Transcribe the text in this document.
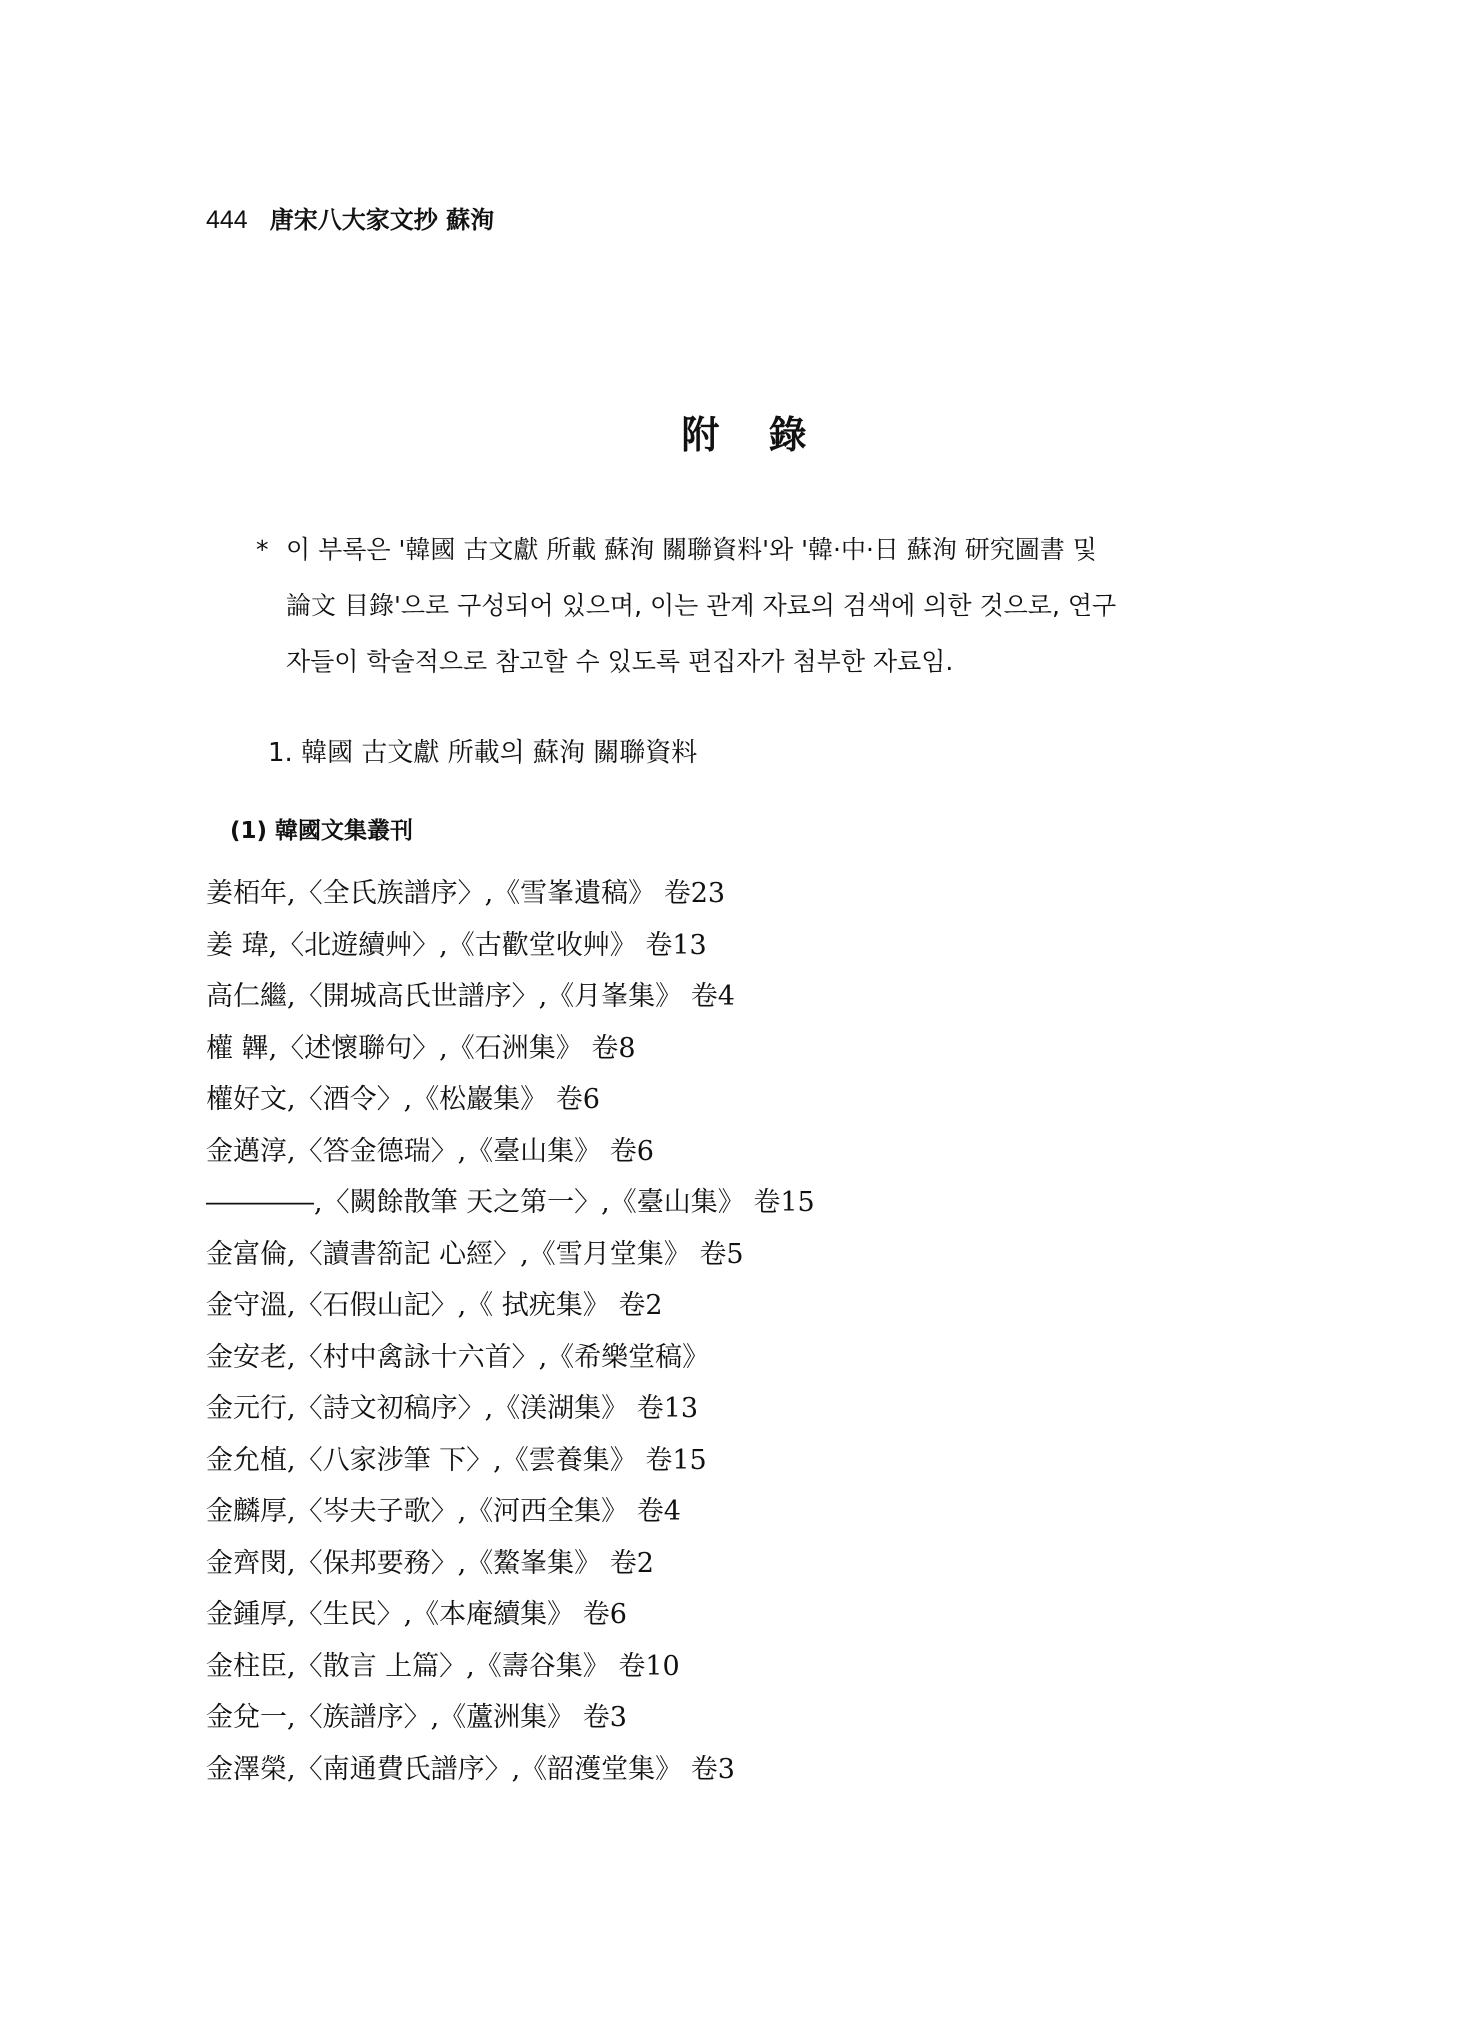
444 唐宋八大家文抄 蘇洵
附 錄
* 이 부록은 '韓國 古文獻 所載 蘇洵 關聯資料'와 '韓·中·日 蘇洵 研究圖書 및
論文 目錄'으로 구성되어 있으며, 이는 관계 자료의 검색에 의한 것으로, 연구
자들이 학술적으로 참고할 수 있도록 편집자가 첨부한 자료임.
1. 韓國 古文獻 所載의 蘇洵 關聯資料
(1) 韓國文集叢刊
姜栢年,〈全氏族譜序〉,《雪峯遺稿》 卷23
姜 瑋,〈北遊續艸〉,《古歡堂收艸》 卷13
高仁繼,〈開城高氏世譜序〉,《月峯集》 卷4
權 韠,〈述懷聯句〉,《石洲集》 卷8
權好文,〈酒令〉,《松巖集》 卷6
金邁淳,〈答金德瑞〉,《臺山集》 卷6
――――,〈闕餘散筆 天之第一〉,《臺山集》 卷15
金富倫,〈讀書箚記 心經〉,《雪月堂集》 卷5
金守溫,〈石假山記〉,《 拭疣集》 卷2
金安老,〈村中禽詠十六首〉,《希樂堂稿》
金元行,〈詩文初稿序〉,《渼湖集》 卷13
金允植,〈八家涉筆 下〉,《雲養集》 卷15
金麟厚,〈岑夫子歌〉,《河西全集》 卷4
金齊閔,〈保邦要務〉,《鰲峯集》 卷2
金鍾厚,〈生民〉,《本庵續集》 卷6
金柱臣,〈散言 上篇〉,《壽谷集》 卷10
金兌一,〈族譜序〉,《蘆洲集》 卷3
金澤榮,〈南通費氏譜序〉,《韶濩堂集》 卷3
